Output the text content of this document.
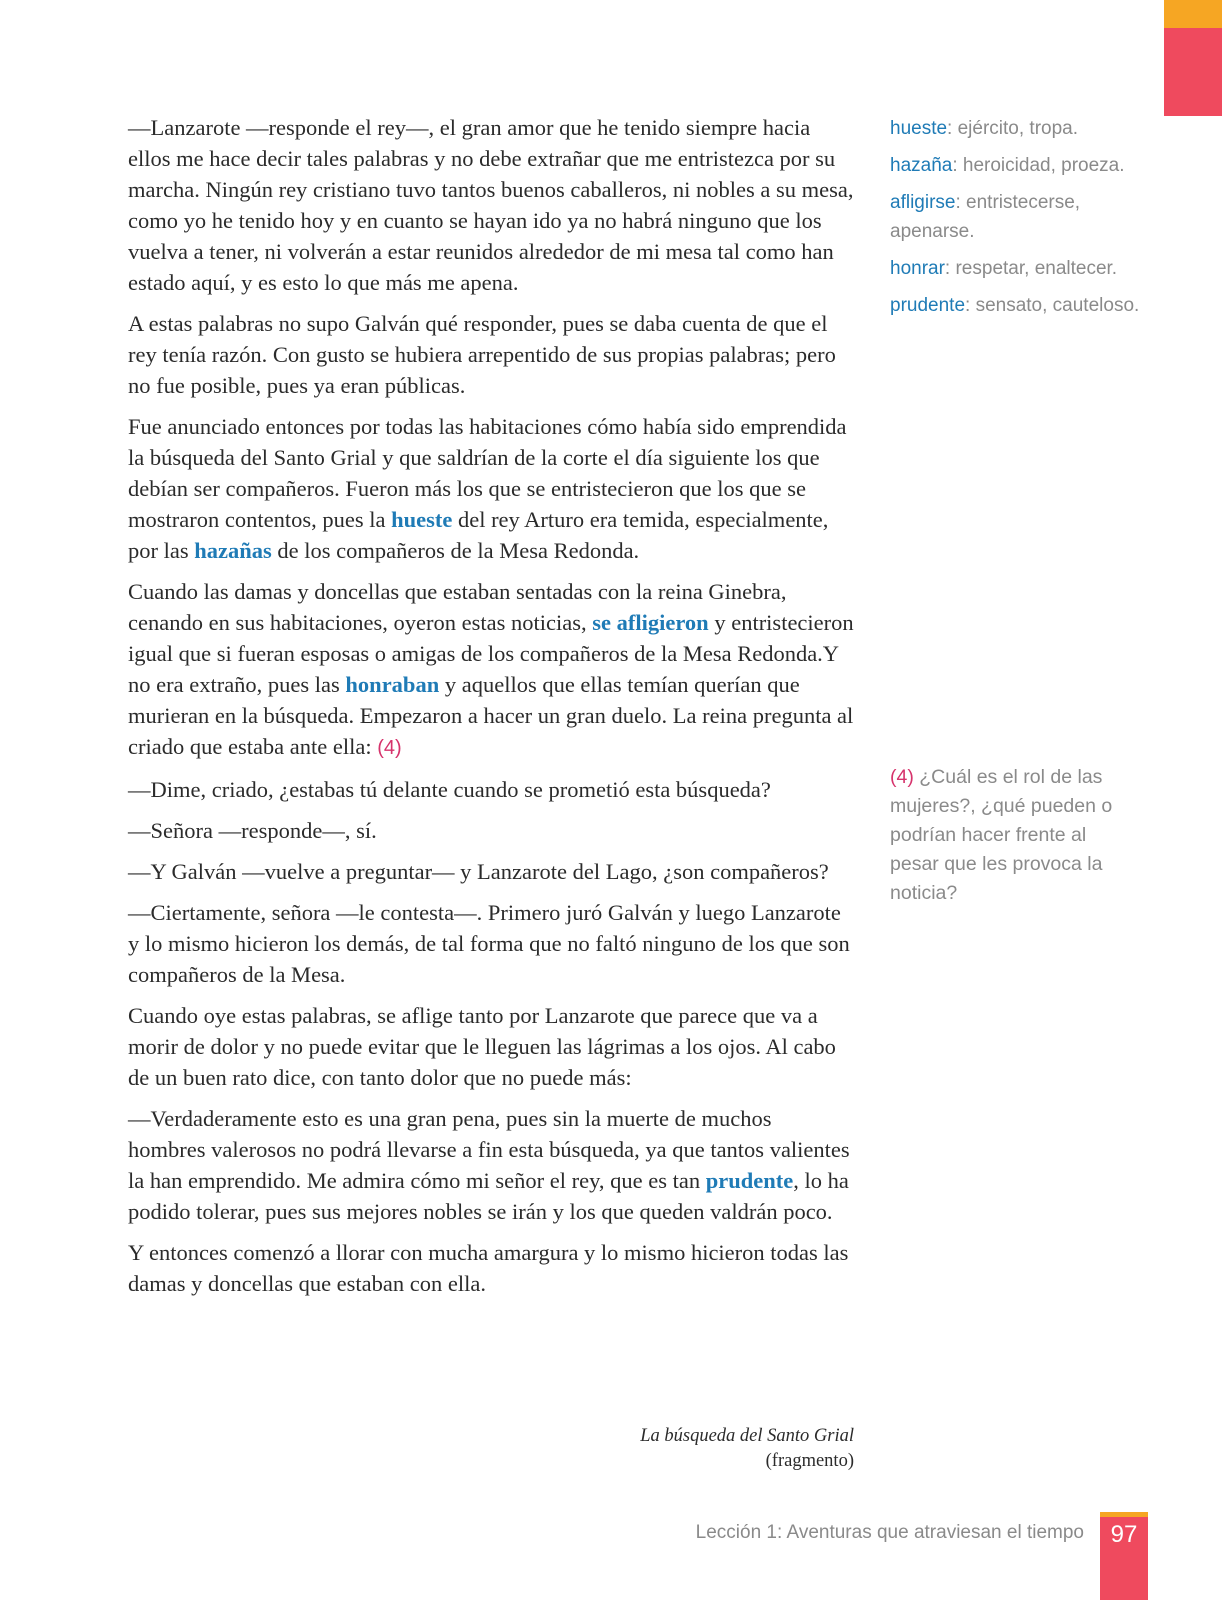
—Lanzarote —responde el rey—, el gran amor que he tenido siempre hacia ellos me hace decir tales palabras y no debe extrañar que me entristezca por su marcha. Ningún rey cristiano tuvo tantos buenos caballeros, ni nobles a su mesa, como yo he tenido hoy y en cuanto se hayan ido ya no habrá ninguno que los vuelva a tener, ni volverán a estar reunidos alrededor de mi mesa tal como han estado aquí, y es esto lo que más me apena.

A estas palabras no supo Galván qué responder, pues se daba cuenta de que el rey tenía razón. Con gusto se hubiera arrepentido de sus propias palabras; pero no fue posible, pues ya eran públicas.

Fue anunciado entonces por todas las habitaciones cómo había sido emprendida la búsqueda del Santo Grial y que saldrían de la corte el día siguiente los que debían ser compañeros. Fueron más los que se entristecieron que los que se mostraron contentos, pues la hueste del rey Arturo era temida, especialmente, por las hazañas de los compañeros de la Mesa Redonda.

Cuando las damas y doncellas que estaban sentadas con la reina Ginebra, cenando en sus habitaciones, oyeron estas noticias, se afligieron y entristecieron igual que si fueran esposas o amigas de los compañeros de la Mesa Redonda.Y no era extraño, pues las honraban y aquellos que ellas temían querían que murieran en la búsqueda. Empezaron a hacer un gran duelo. La reina pregunta al criado que estaba ante ella: (4)

—Dime, criado, ¿estabas tú delante cuando se prometió esta búsqueda?

—Señora —responde—, sí.

—Y Galván —vuelve a preguntar— y Lanzarote del Lago, ¿son compañeros?

—Ciertamente, señora —le contesta—. Primero juró Galván y luego Lanzarote y lo mismo hicieron los demás, de tal forma que no faltó ninguno de los que son compañeros de la Mesa.

Cuando oye estas palabras, se aflige tanto por Lanzarote que parece que va a morir de dolor y no puede evitar que le lleguen las lágrimas a los ojos. Al cabo de un buen rato dice, con tanto dolor que no puede más:

—Verdaderamente esto es una gran pena, pues sin la muerte de muchos hombres valerosos no podrá llevarse a fin esta búsqueda, ya que tantos valientes la han emprendido. Me admira cómo mi señor el rey, que es tan prudente, lo ha podido tolerar, pues sus mejores nobles se irán y los que queden valdrán poco.

Y entonces comenzó a llorar con mucha amargura y lo mismo hicieron todas las damas y doncellas que estaban con ella.

La búsqueda del Santo Grial
(fragmento)
hueste: ejército, tropa.
hazaña: heroicidad, proeza.
afligirse: entristecerse, apenarse.
honrar: respetar, enaltecer.
prudente: sensato, cauteloso.
(4) ¿Cuál es el rol de las mujeres?, ¿qué pueden o podrían hacer frente al pesar que les provoca la noticia?
Lección 1: Aventuras que atraviesan el tiempo	97
